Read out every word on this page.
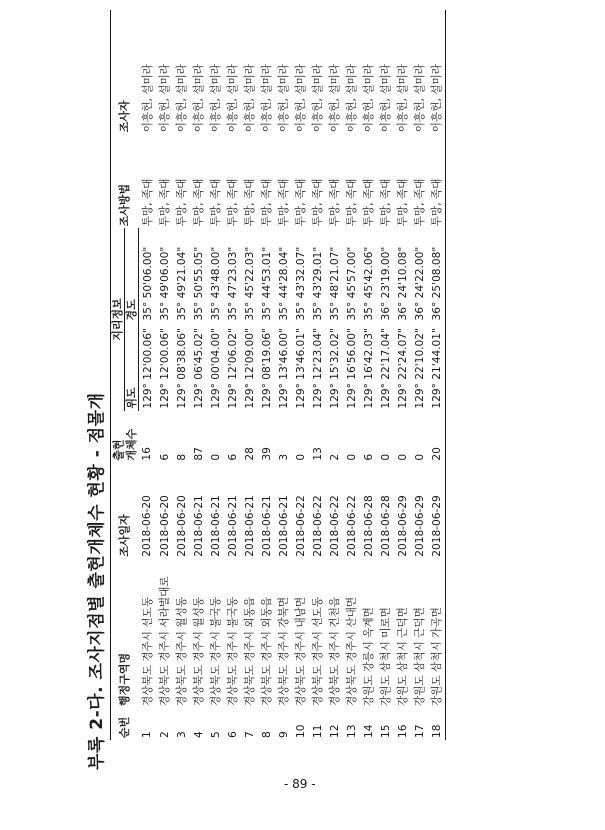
부록 2-다. 조사지점별 출현개체수 현황 - 점몰개 순번	행정구역명	조사일자	출현 개체수	지리정보		조사방법	조사자
				위도	경도		
1	경상북도 경주시 선도동	2018-06-20	16	129° 12'00.06"	35° 50'06.00"	투망, 족대	이흥헌, 설미라
2	경상북도 경주시 서라벌대로	2018-06-20	6	129° 12'00.06"	35° 49'06.00"	투망, 족대	이흥헌, 설미라
3	경상북도 경주시 월성동	2018-06-20	8	129° 08'38.06"	35° 49'21.04"	투망, 족대	이흥헌, 설미라
4	경상북도 경주시 월성동	2018-06-21	87	129° 06'45.02"	35° 50'55.05"	투망, 족대	이흥헌, 설미라
5	경상북도 경주시 불국동	2018-06-21	0	129° 00'04.00"	35° 43'48.00"	투망, 족대	이흥헌, 설미라
6	경상북도 경주시 불국동	2018-06-21	6	129° 12'06.02"	35° 47'23.03"	투망, 족대	이흥헌, 설미라
7	경상북도 경주시 외동읍	2018-06-21	28	129° 12'09.00"	35° 45'22.03"	투망, 족대	이흥헌, 설미라
8	경상북도 경주시 외동읍	2018-06-21	39	129° 08'19.06"	35° 44'53.01"	투망, 족대	이흥헌, 설미라
9	경상북도 경주시 강북면	2018-06-21	3	129° 13'46.00"	35° 44'28.04"	투망, 족대	이흥헌, 설미라
10	경상북도 경주시 내남면	2018-06-22	0	129° 13'46.01"	35° 43'32.07"	투망, 족대	이흥헌, 설미라
11	경상북도 경주시 선도동	2018-06-22	13	129° 12'23.04"	35° 43'29.01"	투망, 족대	이흥헌, 설미라
12	경상북도 경주시 건천읍	2018-06-22	2	129° 15'32.02"	35° 48'21.07"	투망, 족대	이흥헌, 설미라
13	경상북도 경주시 산내면	2018-06-22	0	129° 16'56.00"	35° 45'57.00"	투망, 족대	이흥헌, 설미라
14	강원도 강릉시 옥계면	2018-06-28	6	129° 16'42.03"	35° 45'42.06"	투망, 족대	이흥헌, 설미라
15	강원도 삼척시 미로면	2018-06-28	0	129° 22'17.04"	36° 23'19.00"	투망, 족대	이흥헌, 설미라
16	강원도 삼척시 근덕면	2018-06-29	0	129° 22'24.07"	36° 24'10.08"	투망, 족대	이흥헌, 설미라
17	강원도 삼척시 근덕면	2018-06-29	0	129° 22'10.02"	36° 24'22.00"	투망, 족대	이흥헌, 설미라
18	강원도 삼척시 가곡면	2018-06-29	20	129° 21'44.01"	36° 25'08.08"	투망, 족대	이흥헌, 설미라
- 89 -
